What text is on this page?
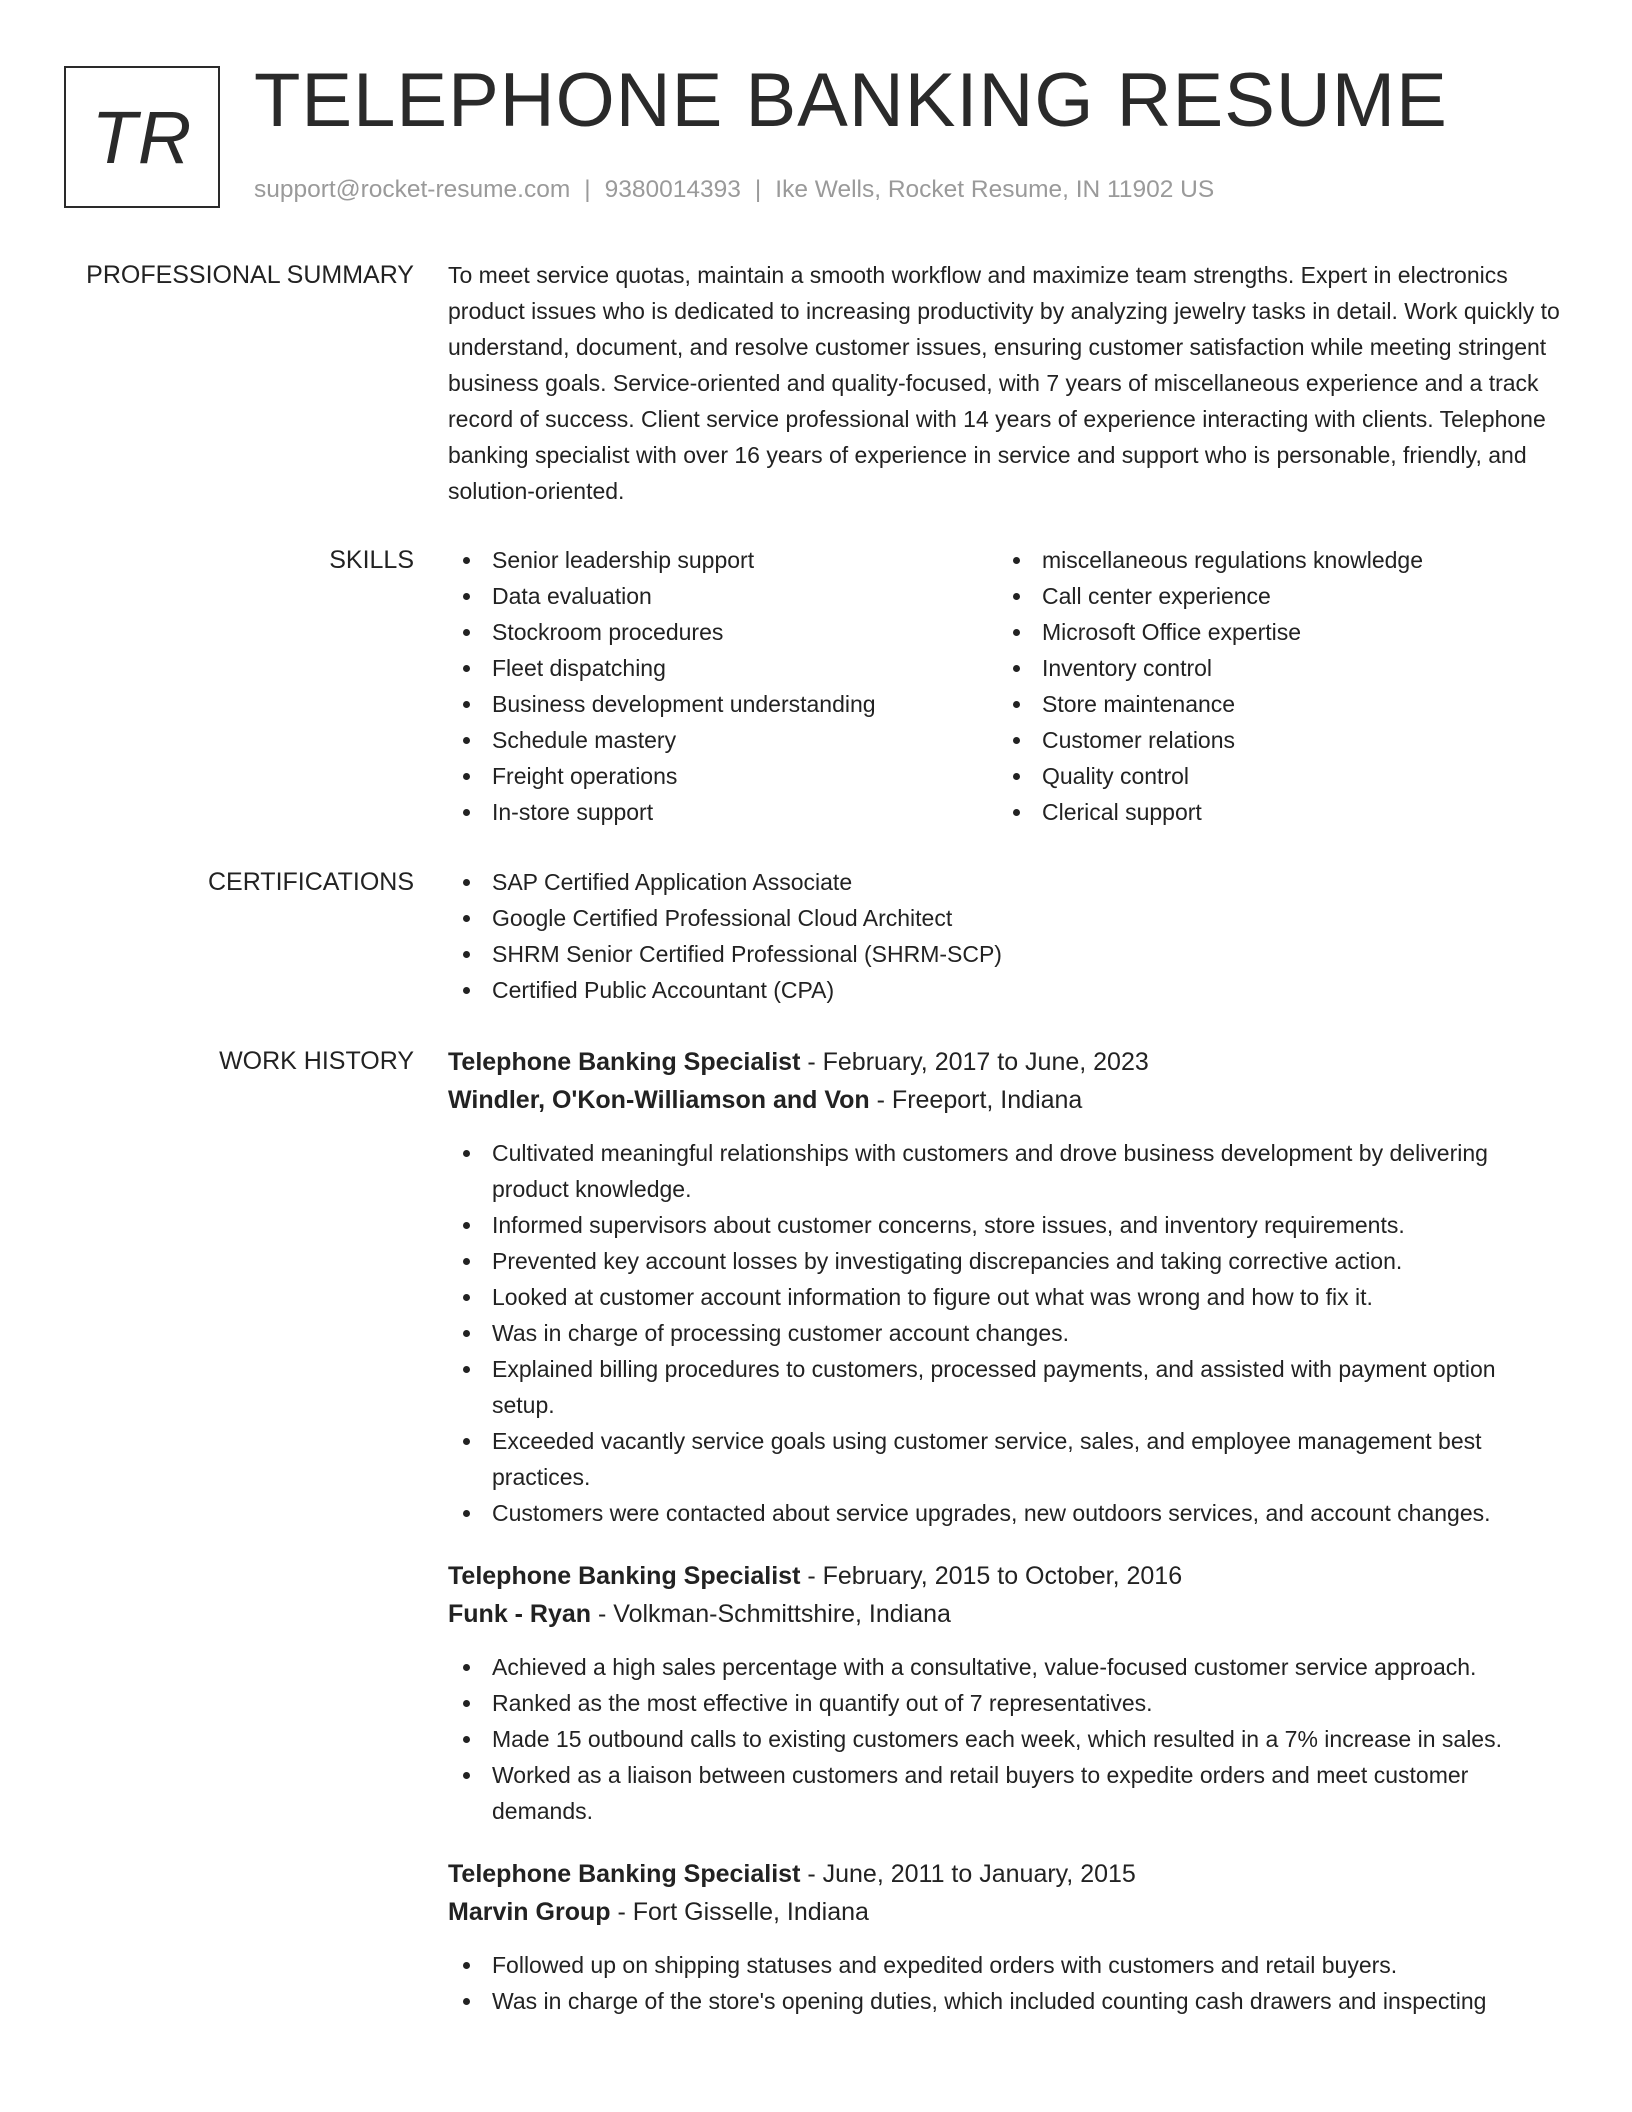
TR TELEPHONE BANKING RESUME
support@rocket-resume.com | 9380014393 | Ike Wells, Rocket Resume, IN 11902 US
PROFESSIONAL SUMMARY To meet service quotas, maintain a smooth workflow and maximize team strengths. Expert in electronics product issues who is dedicated to increasing productivity by analyzing jewelry tasks in detail. Work quickly to understand, document, and resolve customer issues, ensuring customer satisfaction while meeting stringent business goals. Service-oriented and quality-focused, with 7 years of miscellaneous experience and a track record of success. Client service professional with 14 years of experience interacting with clients. Telephone banking specialist with over 16 years of experience in service and support who is personable, friendly, and solution-oriented.

SKILLS	Senior leadership support
Data evaluation
Stockroom procedures
Fleet dispatching
Business development understanding
Schedule mastery
Freight operations
In-store support
miscellaneous regulations knowledge
Call center experience
Microsoft Office expertise
Inventory control
Store maintenance
Customer relations
Quality control
Clerical support
CERTIFICATIONS	SAP Certified Application Associate
Google Certified Professional Cloud Architect
SHRM Senior Certified Professional (SHRM-SCP)
Certified Public Accountant (CPA)
WORK HISTORY Telephone Banking Specialist - February, 2017 to June, 2023
Windler, O'Kon-Williamson and Von - Freeport, Indiana
Cultivated meaningful relationships with customers and drove business development by delivering product knowledge.
Informed supervisors about customer concerns, store issues, and inventory requirements.
Prevented key account losses by investigating discrepancies and taking corrective action.
Looked at customer account information to figure out what was wrong and how to fix it.
Was in charge of processing customer account changes.
Explained billing procedures to customers, processed payments, and assisted with payment option setup.
Exceeded vacantly service goals using customer service, sales, and employee management best practices.
Customers were contacted about service upgrades, new outdoors services, and account changes.
Telephone Banking Specialist - February, 2015 to October, 2016
Funk - Ryan - Volkman-Schmittshire, Indiana
Achieved a high sales percentage with a consultative, value-focused customer service approach.
Ranked as the most effective in quantify out of 7 representatives.
Made 15 outbound calls to existing customers each week, which resulted in a 7% increase in sales.
Worked as a liaison between customers and retail buyers to expedite orders and meet customer demands.
Telephone Banking Specialist - June, 2011 to January, 2015
Marvin Group - Fort Gisselle, Indiana
Followed up on shipping statuses and expedited orders with customers and retail buyers.
Was in charge of the store's opening duties, which included counting cash drawers and inspecting
